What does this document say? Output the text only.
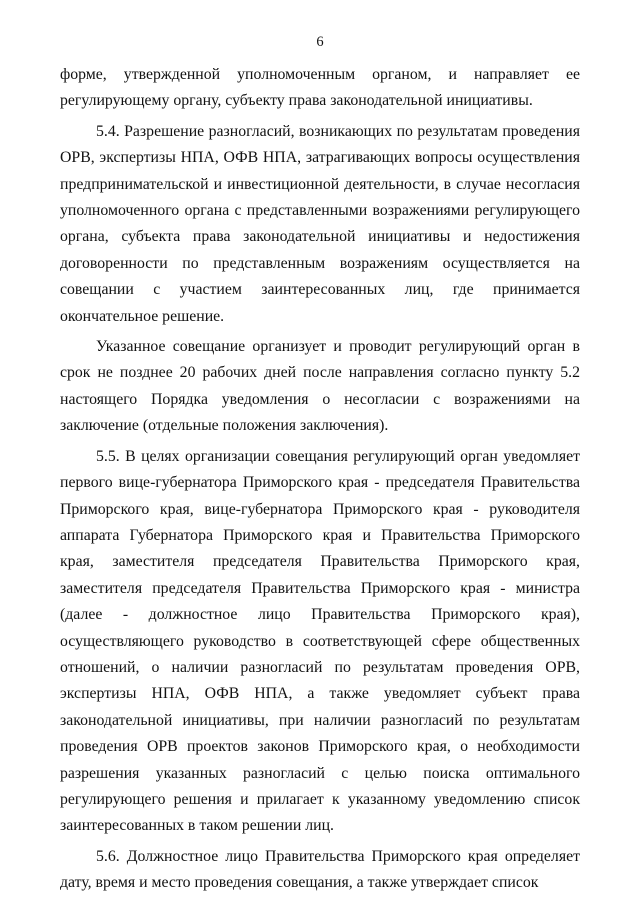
6

форме, утвержденной уполномоченным органом, и направляет ее регулирующему органу, субъекту права законодательной инициативы.

5.4. Разрешение разногласий, возникающих по результатам проведения ОРВ, экспертизы НПА, ОФВ НПА, затрагивающих вопросы осуществления предпринимательской и инвестиционной деятельности, в случае несогласия уполномоченного органа с представленными возражениями регулирующего органа, субъекта права законодательной инициативы и недостижения договоренности по представленным возражениям осуществляется на совещании с участием заинтересованных лиц, где принимается окончательное решение.

Указанное совещание организует и проводит регулирующий орган в срок не позднее 20 рабочих дней после направления согласно пункту 5.2 настоящего Порядка уведомления о несогласии с возражениями на заключение (отдельные положения заключения).

5.5. В целях организации совещания регулирующий орган уведомляет первого вице-губернатора Приморского края - председателя Правительства Приморского края, вице-губернатора Приморского края - руководителя аппарата Губернатора Приморского края и Правительства Приморского края, заместителя председателя Правительства Приморского края, заместителя председателя Правительства Приморского края - министра (далее - должностное лицо Правительства Приморского края), осуществляющего руководство в соответствующей сфере общественных отношений, о наличии разногласий по результатам проведения ОРВ, экспертизы НПА, ОФВ НПА, а также уведомляет субъект права законодательной инициативы, при наличии разногласий по результатам проведения ОРВ проектов законов Приморского края, о необходимости разрешения указанных разногласий с целью поиска оптимального регулирующего решения и прилагает к указанному уведомлению список заинтересованных в таком решении лиц.

5.6. Должностное лицо Правительства Приморского края определяет дату, время и место проведения совещания, а также утверждает список
